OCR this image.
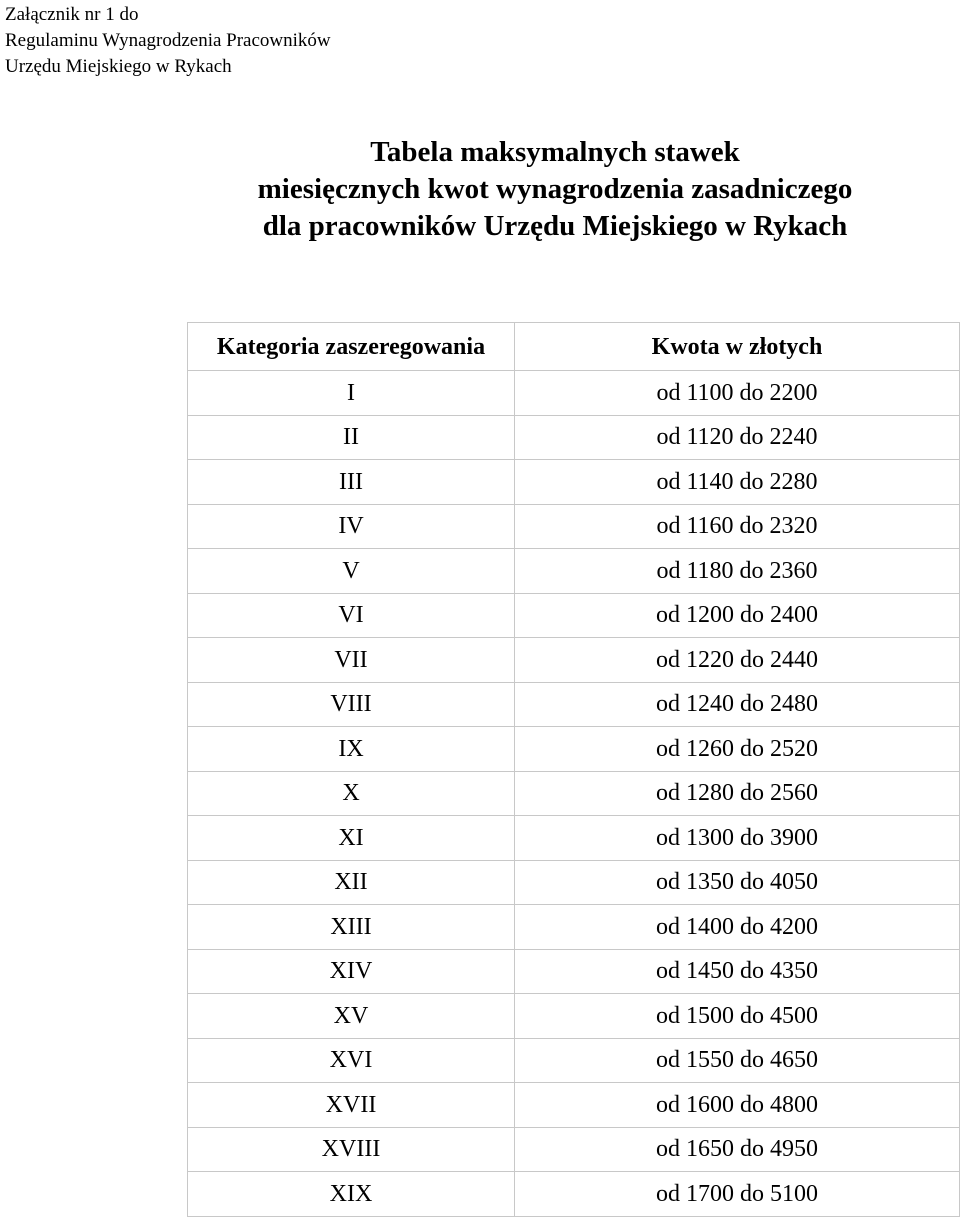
Załącznik nr 1 do
Regulaminu Wynagrodzenia Pracowników
Urzędu Miejskiego w Rykach
Tabela maksymalnych stawek
miesięcznych kwot wynagrodzenia zasadniczego
dla pracowników Urzędu Miejskiego w Rykach
Kategoria zaszeregowania	Kwota w złotych
I	od 1100 do 2200
II	od 1120 do 2240
III	od 1140 do 2280
IV	od 1160 do 2320
V	od 1180 do 2360
VI	od 1200 do 2400
VII	od 1220 do 2440
VIII	od 1240 do 2480
IX	od 1260 do 2520
X	od 1280 do 2560
XI	od 1300 do 3900
XII	od 1350 do 4050
XIII	od 1400 do 4200
XIV	od 1450 do 4350
XV	od 1500 do 4500
XVI	od 1550 do 4650
XVII	od 1600 do 4800
XVIII	od 1650 do 4950
XIX	od 1700 do 5100
